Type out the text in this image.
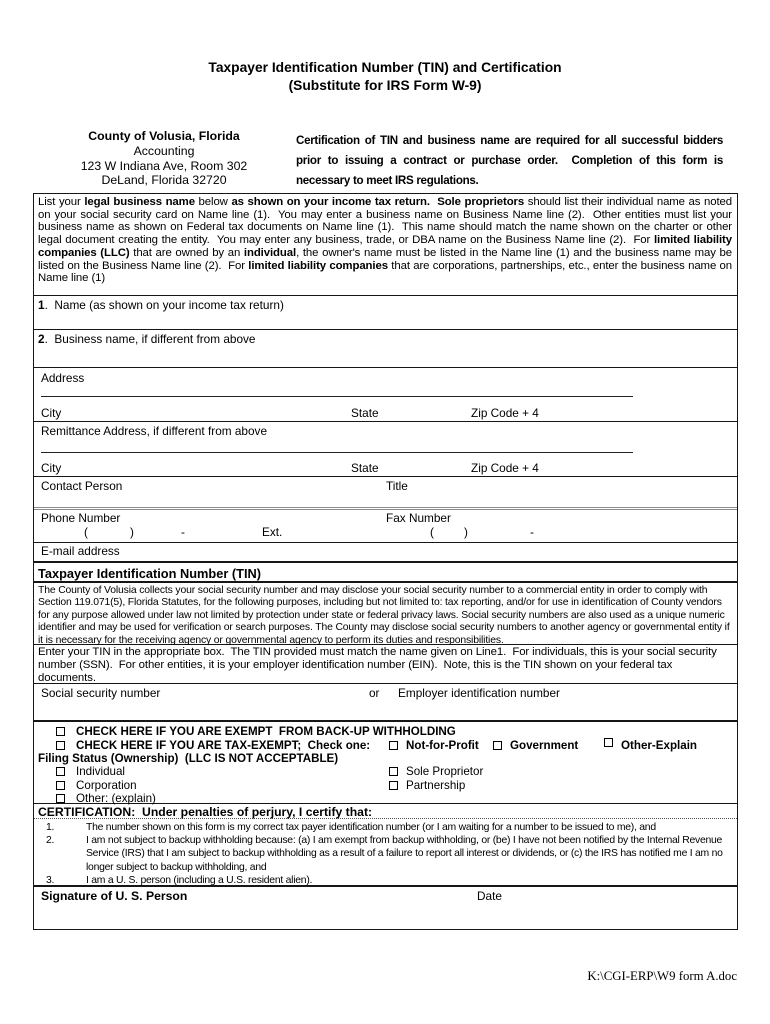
Taxpayer Identification Number (TIN) and Certification
(Substitute for IRS Form W-9)
County of Volusia, Florida
Accounting
123 W Indiana Ave, Room 302
DeLand, Florida 32720
Certification of TIN and business name are required for all successful bidders prior to issuing a contract or purchase order.  Completion of this form is necessary to meet IRS regulations.
List your legal business name below as shown on your income tax return.  Sole proprietors should list their individual name as noted on your social security card on Name line (1).  You may enter a business name on Business Name line (2).  Other entities must list your business name as shown on Federal tax documents on Name line (1).  This name should match the name shown on the charter or other legal document creating the entity.  You may enter any business, trade, or DBA name on the Business Name line (2).  For limited liability companies (LLC) that are owned by an individual, the owner's name must be listed in the Name line (1) and the business name may be listed on the Business Name line (2).  For limited liability companies that are corporations, partnerships, etc., enter the business name on Name line (1)
1.  Name (as shown on your income tax return)
2.  Business name, if different from above
Address
City	State	Zip Code + 4
Remittance Address, if different from above
City	State	Zip Code + 4
Contact Person	Title
Phone Number	Fax Number
(	)	-	Ext.	(	)	-
E-mail address
Taxpayer Identification Number (TIN)
The County of Volusia collects your social security number and may disclose your social security number to a commercial entity in order to comply with Section 119.071(5), Florida Statutes, for the following purposes, including but not limited to: tax reporting, and/or for use in identification of County vendors for any purpose allowed under law not limited by protection under state or federal privacy laws. Social security numbers are also used as a unique numeric identifier and may be used for verification or search purposes. The County may disclose social security numbers to another agency or governmental entity if it is necessary for the receiving agency or governmental agency to perform its duties and responsibilities.
Enter your TIN in the appropriate box.  The TIN provided must match the name given on Line1.  For individuals, this is your social security number (SSN).  For other entities, it is your employer identification number (EIN).  Note, this is the TIN shown on your federal tax documents.
Social security number	or Employer identification number
CHECK HERE IF YOU ARE EXEMPT  FROM BACK-UP WITHHOLDING
CHECK HERE IF YOU ARE TAX-EXEMPT;  Check one:	Not-for-Profit	Government	Other-Explain
Filing Status (Ownership)  (LLC IS NOT ACCEPTABLE)
Individual	Sole Proprietor
Corporation	Partnership
Other: (explain)
CERTIFICATION:  Under penalties of perjury, I certify that:
1.	The number shown on this form is my correct tax payer identification number (or I am waiting for a number to be issued to me), and
2.	I am not subject to backup withholding because: (a) I am exempt from backup withholding, or (be) I have not been notified by the Internal Revenue
Service (IRS) that I am subject to backup withholding as a result of a failure to report all interest or dividends, or (c) the IRS has notified me I am no
longer subject to backup withholding, and
3.	I am a U. S. person (including a U.S. resident alien).
Signature of U. S. Person	Date
K:\CGI-ERP\W9 form A.doc
